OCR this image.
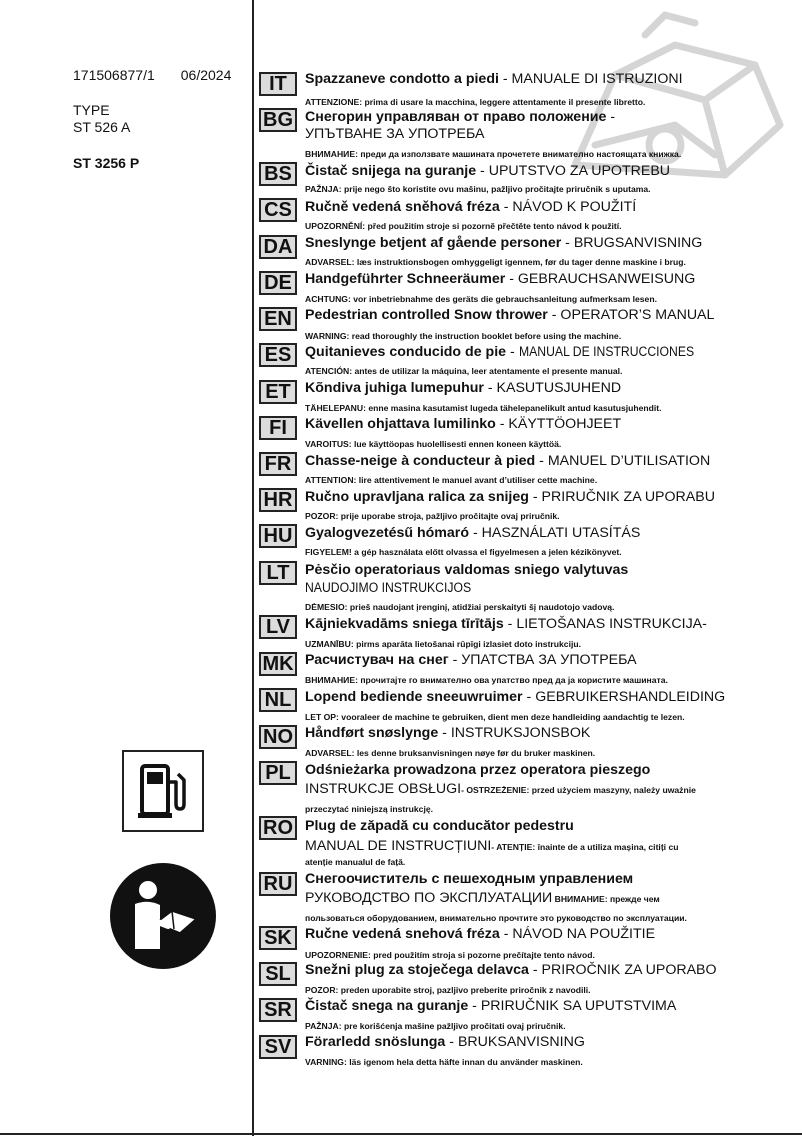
171506877/1 06/2024
TYPE
ST 526 A
ST 3256 P
IT	Spazzaneve condotto a piedi - MANUALE DI ISTRUZIONI
ATTENZIONE: prima di usare la macchina, leggere attentamente il presente libretto.
BG Снегорин управляван от право положение -
УПЪТВАНЕ ЗА УПОТРЕБА
ВНИМАНИЕ: преди да използвате машината прочетете внимателно настоящата книжка.
BS Čistač snijega na guranje - UPUTSTVO ZA UPOTREBU
PAŽNJA: prije nego što koristite ovu mašinu, pažljivo pročitajte priručnik s uputama.
CS Ručně vedená sněhová fréza - NÁVOD K POUŽITÍ
UPOZORNĚNÍ: před použitím stroje si pozorně přečtěte tento návod k použití.
DA Sneslynge betjent af gående personer - BRUGSANVISNING
ADVARSEL: læs instruktionsbogen omhyggeligt igennem, før du tager denne maskine i brug.
DE Handgeführter Schneeräumer - GEBRAUCHSANWEISUNG
ACHTUNG: vor inbetriebnahme des geräts die gebrauchsanleitung aufmerksam lesen.
EN Pedestrian controlled Snow thrower - OPERATOR’S MANUAL
WARNING: read thoroughly the instruction booklet before using the machine.
ES Quitanieves conducido de pie - MANUAL DE INSTRUCCIONES
ATENCIÓN: antes de utilizar la máquina, leer atentamente el presente manual.
ET	Kõndiva juhiga lumepuhur - KASUTUSJUHEND
TÄHELEPANU: enne masina kasutamist lugeda tähelepanelikult antud kasutusjuhendit.
FI	Kävellen ohjattava lumilinko - KÄYTTÖOHJEET
VAROITUS: lue käyttöopas huolellisesti ennen koneen käyttöä.
FR Chasse-neige à conducteur à pied - MANUEL D’UTILISATION
ATTENTION: lire attentivement le manuel avant d’utiliser cette machine.
HR Ručno upravljana ralica za snijeg - PRIRUČNIK ZA UPORABU
POZOR: prije uporabe stroja, pažljivo pročitajte ovaj priručnik.
HU Gyalogvezetésű hómaró - HASZNÁLATI UTASÍTÁS
FIGYELEM! a gép használata előtt olvassa el figyelmesen a jelen kézikönyvet.
LT	Pėsčio operatoriaus valdomas sniego valytuvas
NAUDOJIMO INSTRUKCIJOS
DĖMESIO: prieš naudojant įrenginį, atidžiai perskaityti šį naudotojo vadovą.
LV	Kājniekvadāms sniega tīrītājs - LIETOŠANAS INSTRUKCIJA-
UZMANĪBU: pirms aparāta lietošanai rūpīgi izlasiet doto instrukciju.
MK Расчистувач на снег - УПАТСТВА ЗА УПОТРЕБА
ВНИМАНИЕ: прочитајте го внимателно ова упатство пред да ја користите машината.
NL Lopend bediende sneeuwruimer - GEBRUIKERSHANDLEIDING
LET OP: vooraleer de machine te gebruiken, dient men deze handleiding aandachtig te lezen.
NO Håndført snøslynge - INSTRUKSJONSBOK
ADVARSEL: les denne bruksanvisningen nøye før du bruker maskinen.
PL	Odśnieżarka prowadzona przez operatora pieszego
INSTRUKCJE OBSŁUGI- OSTRZEŻENIE: przed użyciem maszyny, należy uważnie
przeczytać niniejszą instrukcję.
RO Plug de zăpadă cu conducător pedestru
MANUAL DE INSTRUCȚIUNI- ATENȚIE: înainte de a utiliza mașina, citiți cu
atenție manualul de față.
RU Снегоочиститель с пешеходным управлением
РУКОВОДСТВО ПО ЭКСПЛУАТАЦИИ ВНИМАНИЕ: прежде чем
пользоваться оборудованием, внимательно прочтите это руководство по эксплуатации.
SK Ručne vedená snehová fréza - NÁVOD NA POUŽITIE
UPOZORNENIE: pred použitím stroja si pozorne prečítajte tento návod.
SL	Snežni plug za stoječega delavca - PRIROČNIK ZA UPORABO
POZOR: preden uporabite stroj, pazljivo preberite priročnik z navodili.
SR Čistač snega na guranje - PRIRUČNIK SA UPUTSTVIMA
PAŽNJA: pre korišćenja mašine pažljivo pročitati ovaj priručnik.
SV Förarledd snöslunga - BRUKSANVISNING
VARNING: läs igenom hela detta häfte innan du använder maskinen.
